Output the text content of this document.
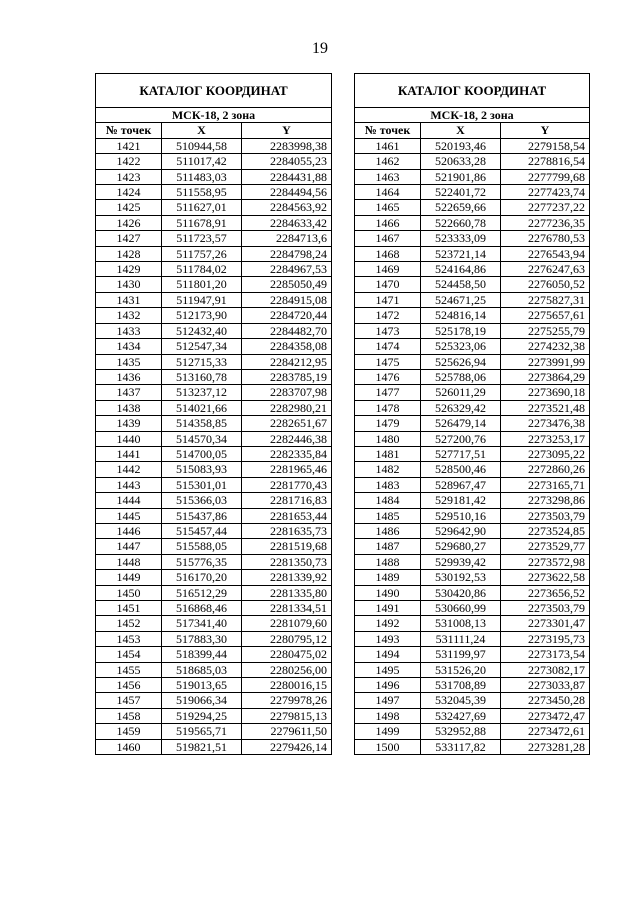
19
КАТАЛОГ КООРДИНАТ		
МСК-18, 2 зона		
№ точек	X	Y
1421	510944,58	2283998,38
1422	511017,42	2284055,23
1423	511483,03	2284431,88
1424	511558,95	2284494,56
1425	511627,01	2284563,92
1426	511678,91	2284633,42
1427	511723,57	2284713,6
1428	511757,26	2284798,24
1429	511784,02	2284967,53
1430	511801,20	2285050,49
1431	511947,91	2284915,08
1432	512173,90	2284720,44
1433	512432,40	2284482,70
1434	512547,34	2284358,08
1435	512715,33	2284212,95
1436	513160,78	2283785,19
1437	513237,12	2283707,98
1438	514021,66	2282980,21
1439	514358,85	2282651,67
1440	514570,34	2282446,38
1441	514700,05	2282335,84
1442	515083,93	2281965,46
1443	515301,01	2281770,43
1444	515366,03	2281716,83
1445	515437,86	2281653,44
1446	515457,44	2281635,73
1447	515588,05	2281519,68
1448	515776,35	2281350,73
1449	516170,20	2281339,92
1450	516512,29	2281335,80
1451	516868,46	2281334,51
1452	517341,40	2281079,60
1453	517883,30	2280795,12
1454	518399,44	2280475,02
1455	518685,03	2280256,00
1456	519013,65	2280016,15
1457	519066,34	2279978,26
1458	519294,25	2279815,13
1459	519565,71	2279611,50
1460	519821,51	2279426,14
КАТАЛОГ КООРДИНАТ		
МСК-18, 2 зона		
№ точек	X	Y
1461	520193,46	2279158,54
1462	520633,28	2278816,54
1463	521901,86	2277799,68
1464	522401,72	2277423,74
1465	522659,66	2277237,22
1466	522660,78	2277236,35
1467	523333,09	2276780,53
1468	523721,14	2276543,94
1469	524164,86	2276247,63
1470	524458,50	2276050,52
1471	524671,25	2275827,31
1472	524816,14	2275657,61
1473	525178,19	2275255,79
1474	525323,06	2274232,38
1475	525626,94	2273991,99
1476	525788,06	2273864,29
1477	526011,29	2273690,18
1478	526329,42	2273521,48
1479	526479,14	2273476,38
1480	527200,76	2273253,17
1481	527717,51	2273095,22
1482	528500,46	2272860,26
1483	528967,47	2273165,71
1484	529181,42	2273298,86
1485	529510,16	2273503,79
1486	529642,90	2273524,85
1487	529680,27	2273529,77
1488	529939,42	2273572,98
1489	530192,53	2273622,58
1490	530420,86	2273656,52
1491	530660,99	2273503,79
1492	531008,13	2273301,47
1493	531111,24	2273195,73
1494	531199,97	2273173,54
1495	531526,20	2273082,17
1496	531708,89	2273033,87
1497	532045,39	2273450,28
1498	532427,69	2273472,47
1499	532952,88	2273472,61
1500	533117,82	2273281,28
